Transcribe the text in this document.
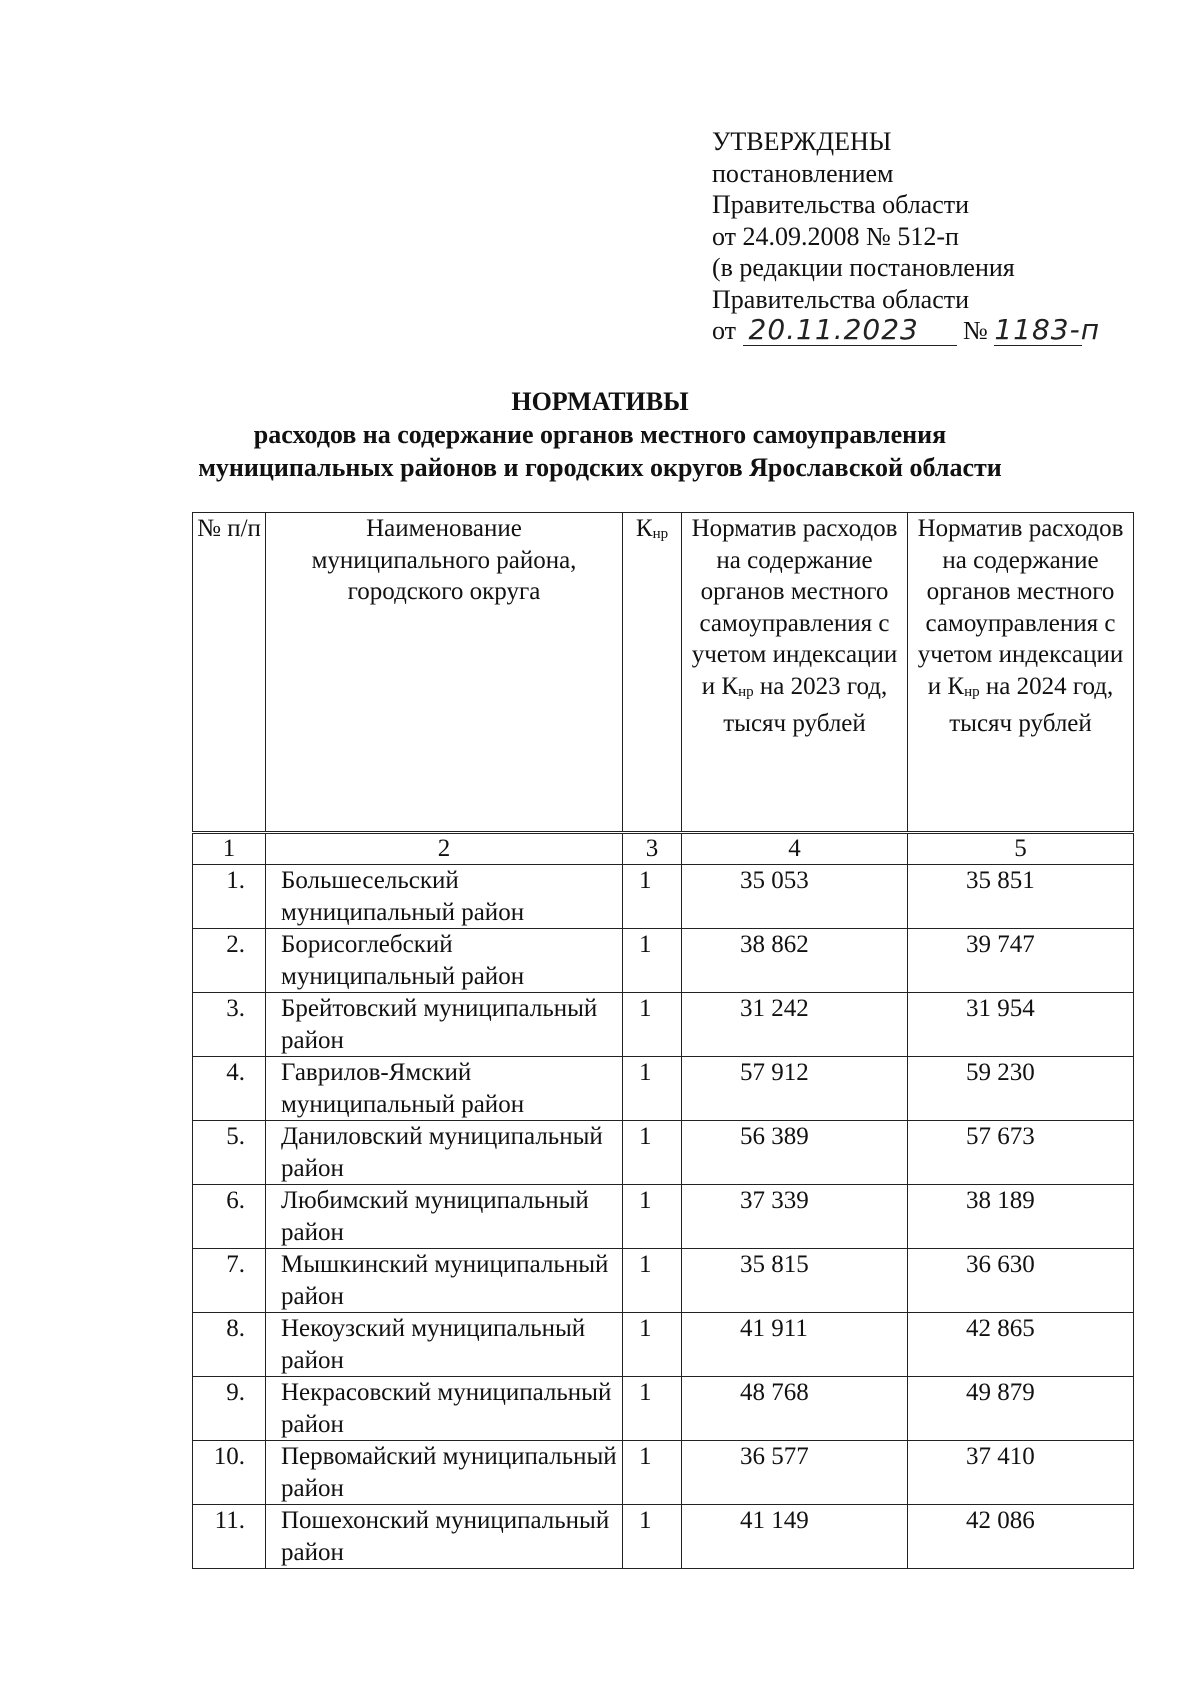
УТВЕРЖДЕНЫ
постановлением
Правительства области
от 24.09.2008 № 512-п
(в редакции постановления
Правительства области
от 20.11.2023 № 1183-п
НОРМАТИВЫ
расходов на содержание органов местного самоуправления
муниципальных районов и городских округов Ярославской области
№ п/п	Наименование муниципального района, городского округа	$К_{нр}$	Норматив расходов на содержание органов местного самоуправления с учетом индексации и $К_{нр}$ на 2023 год, тысяч рублей	Норматив расходов на содержание органов местного самоуправления с учетом индексации и $К_{нр}$ на 2024 год, тысяч рублей
1	2	3	4	5
1.	Большесельский муниципальный район	1	35 053	35 851
2.	Борисоглебский муниципальный район	1	38 862	39 747
3.	Брейтовский муниципальный район	1	31 242	31 954
4.	Гаврилов-Ямский муниципальный район	1	57 912	59 230
5.	Даниловский муниципальный район	1	56 389	57 673
6.	Любимский муниципальный район	1	37 339	38 189
7.	Мышкинский муниципальный район	1	35 815	36 630
8.	Некоузский муниципальный район	1	41 911	42 865
9.	Некрасовский муниципальный район	1	48 768	49 879
10.	Первомайский муниципальный район	1	36 577	37 410
11.	Пошехонский муниципальный район	1	41 149	42 086
